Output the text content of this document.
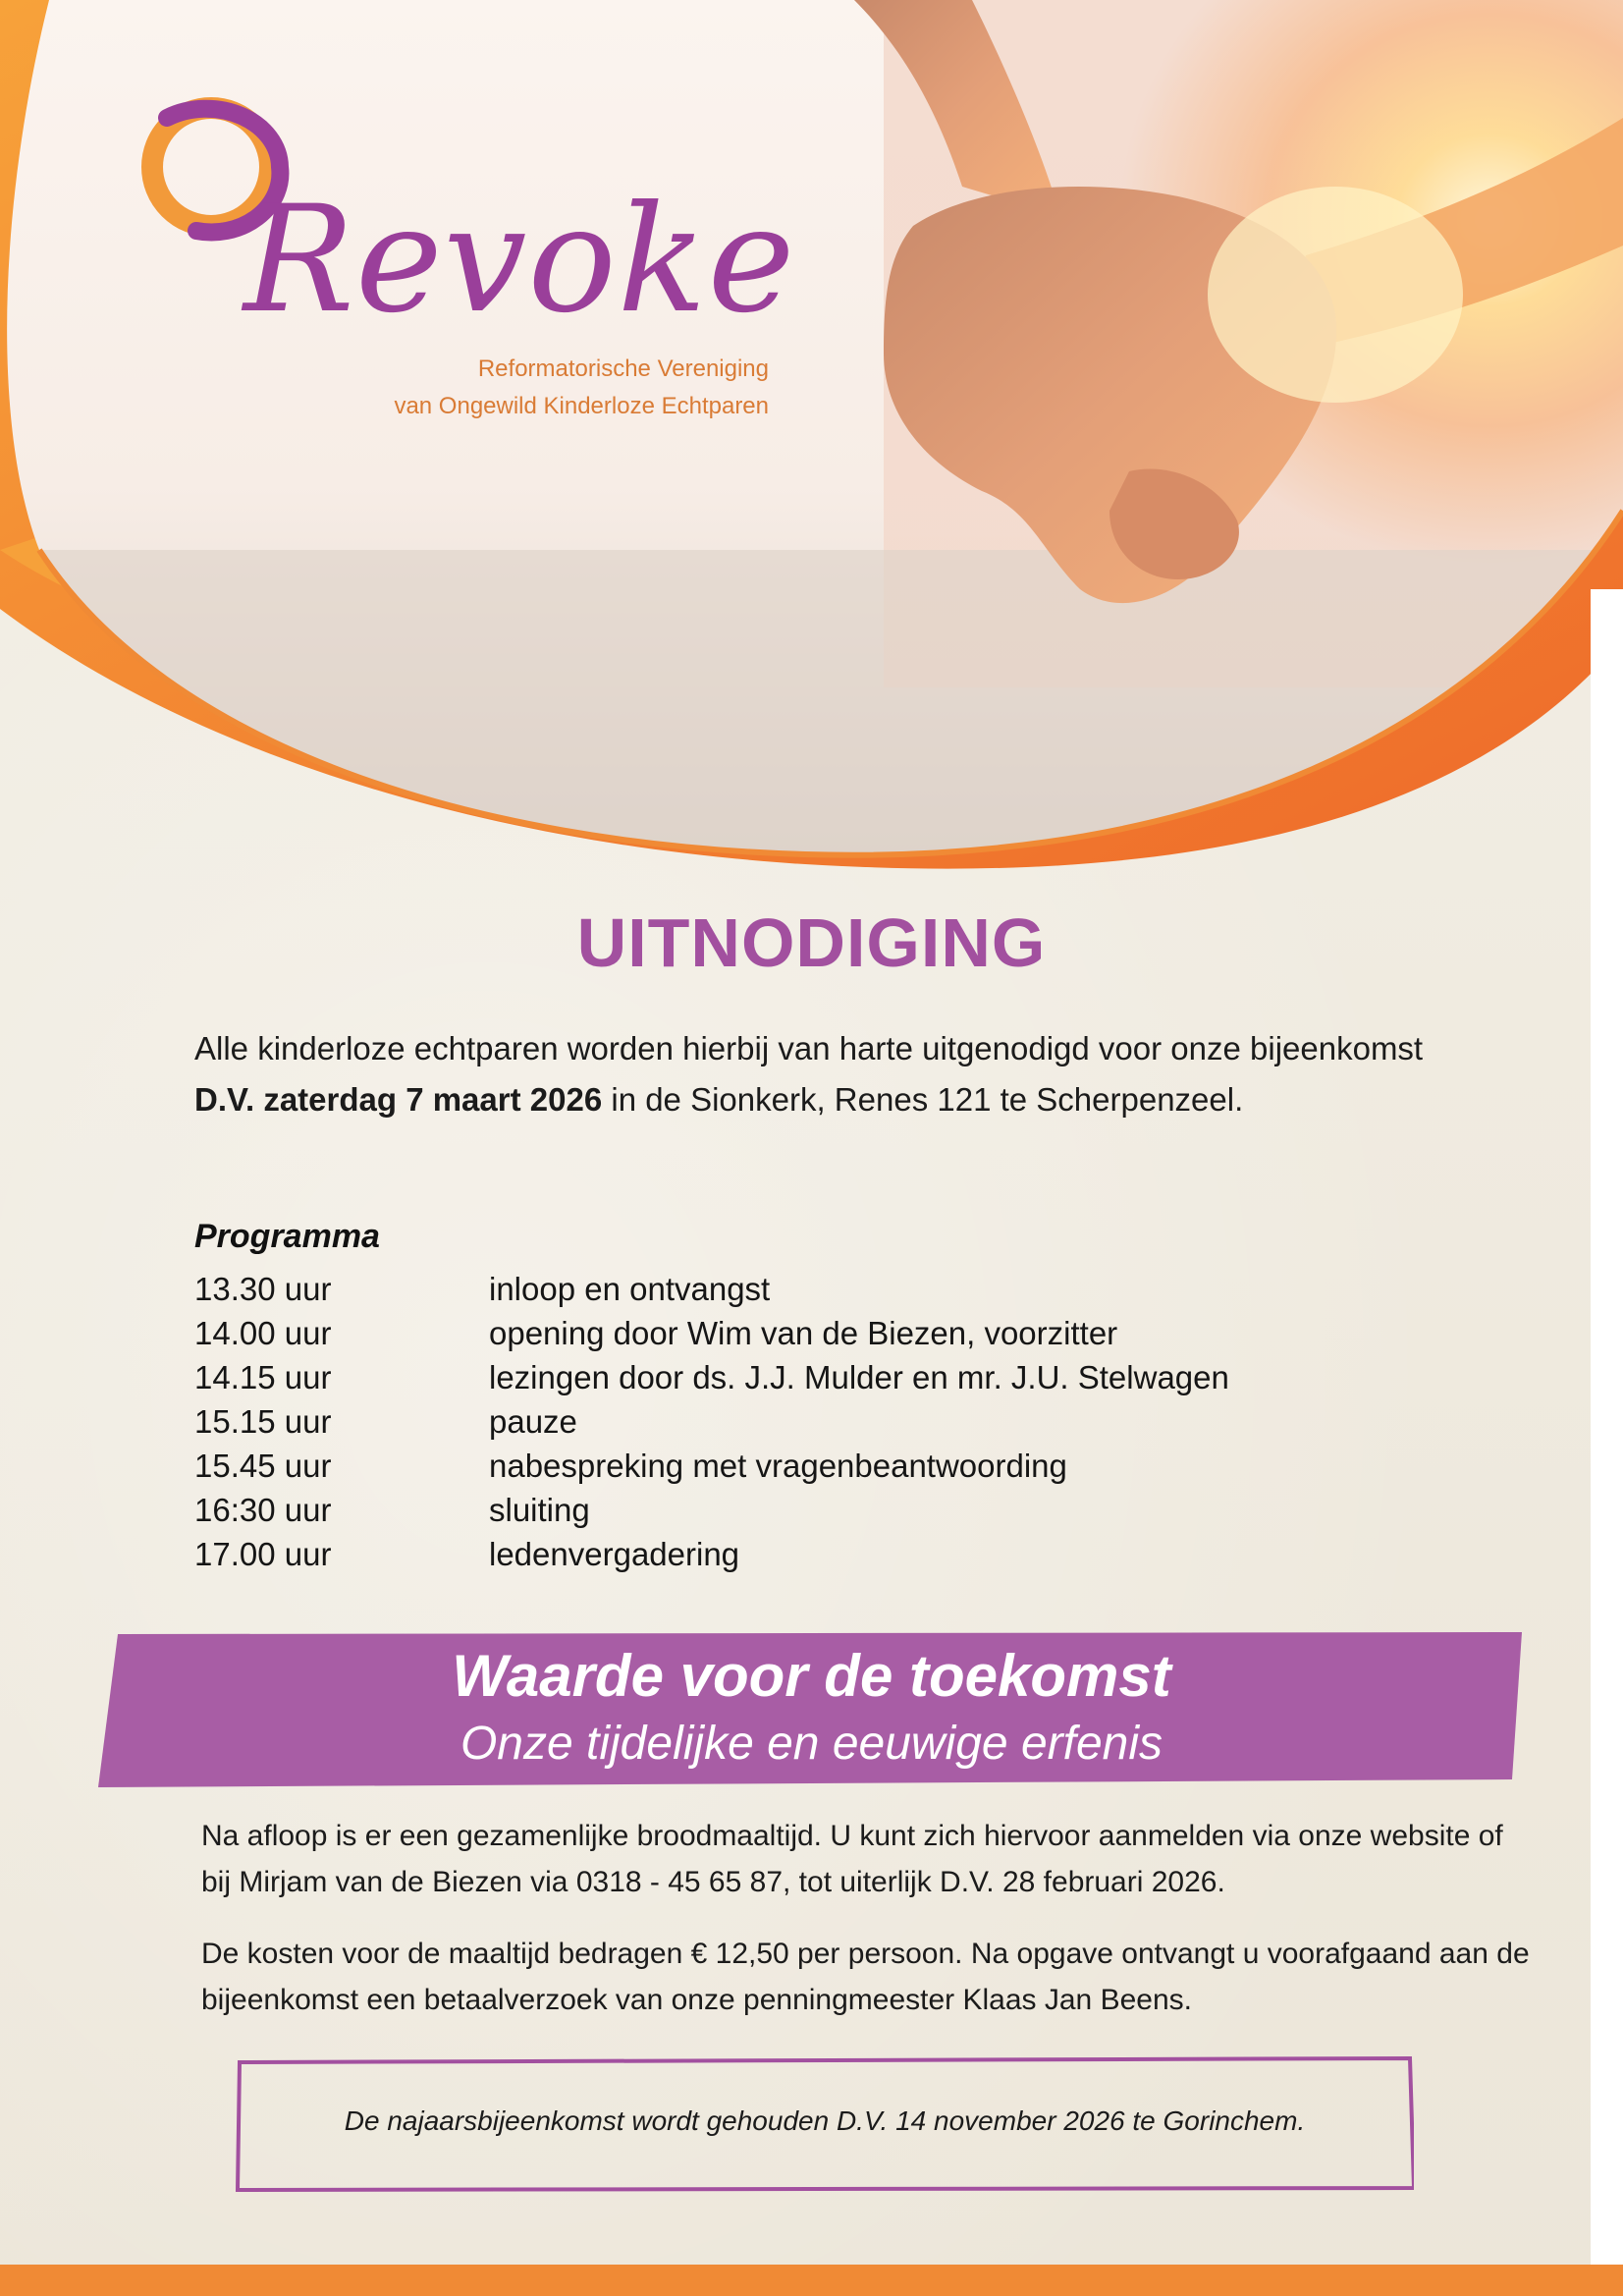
Revoke
Reformatorische Vereniging
van Ongewild Kinderloze Echtparen
UITNODIGING
Alle kinderloze echtparen worden hierbij van harte uitgenodigd voor onze bijeenkomst D.V. zaterdag 7 maart 2026 in de Sionkerk, Renes 121 te Scherpenzeel.
Programma
13.30 uur	inloop en ontvangst
14.00 uur	opening door Wim van de Biezen, voorzitter
14.15 uur	lezingen door ds. J.J. Mulder en mr. J.U. Stelwagen
15.15 uur	pauze
15.45 uur	nabespreking met vragenbeantwoording
16:30 uur	sluiting
17.00 uur	ledenvergadering
Waarde voor de toekomst
Onze tijdelijke en eeuwige erfenis
Na afloop is er een gezamenlijke broodmaaltijd. U kunt zich hiervoor aanmelden via onze website of bij Mirjam van de Biezen via 0318 - 45 65 87, tot uiterlijk D.V. 28 februari 2026.
De kosten voor de maaltijd bedragen € 12,50 per persoon. Na opgave ontvangt u voorafgaand aan de bijeenkomst een betaalverzoek van onze penningmeester Klaas Jan Beens.
De najaarsbijeenkomst wordt gehouden D.V. 14 november 2026 te Gorinchem.
